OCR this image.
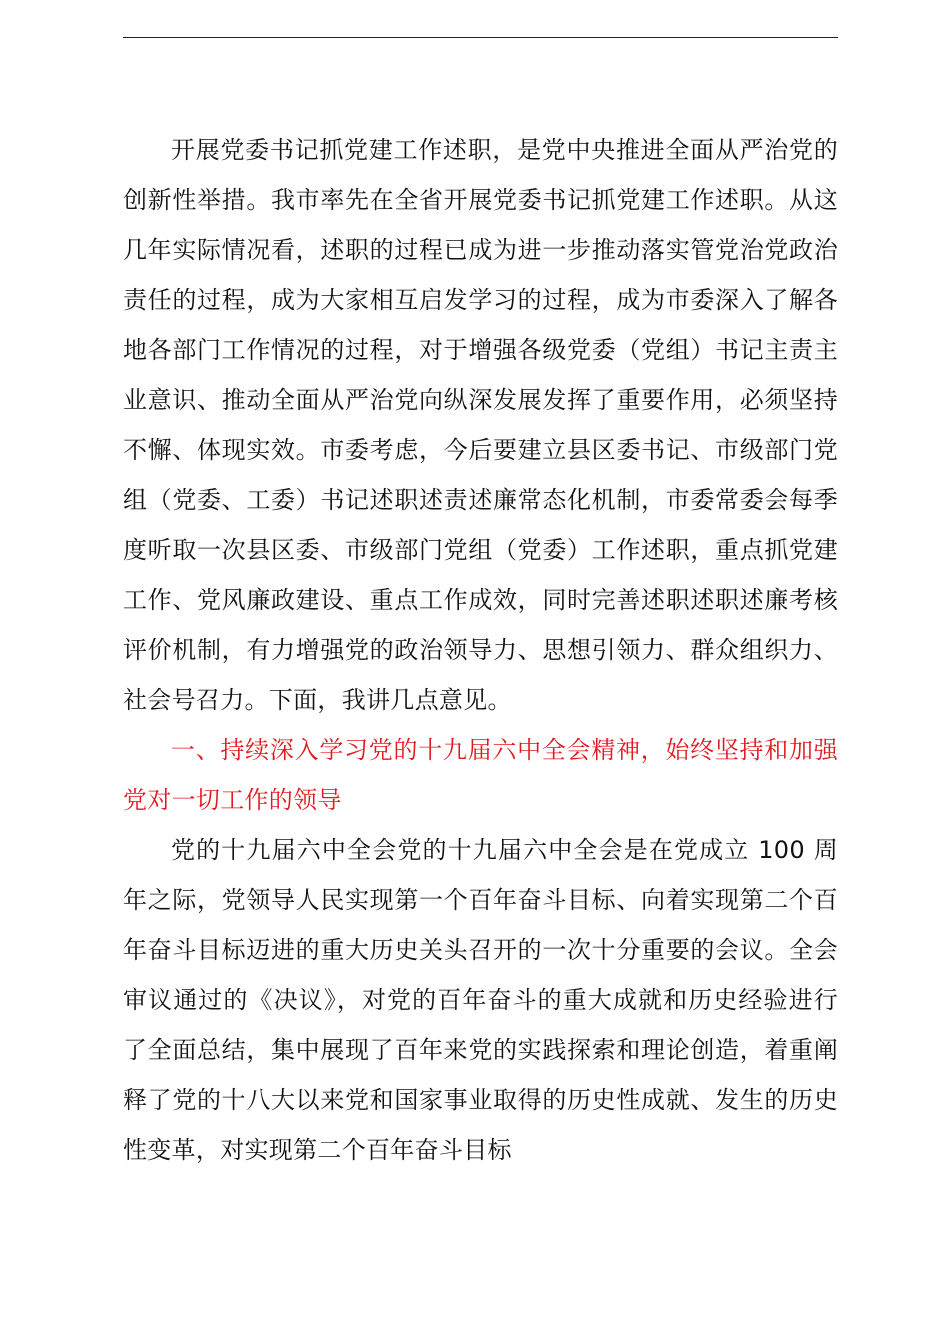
开展党委书记抓党建工作述职，是党中央推进全面从严治党的创新性举措。我市率先在全省开展党委书记抓党建工作述职。从这几年实际情况看，述职的过程已成为进一步推动落实管党治党政治责任的过程，成为大家相互启发学习的过程，成为市委深入了解各地各部门工作情况的过程，对于增强各级党委（党组）书记主责主业意识、推动全面从严治党向纵深发展发挥了重要作用，必须坚持不懈、体现实效。市委考虑，今后要建立县区委书记、市级部门党组（党委、工委）书记述职述责述廉常态化机制，市委常委会每季度听取一次县区委、市级部门党组（党委）工作述职，重点抓党建工作、党风廉政建设、重点工作成效，同时完善述职述职述廉考核评价机制，有力增强党的政治领导力、思想引领力、群众组织力、社会号召力。下面，我讲几点意见。

一、持续深入学习党的十九届六中全会精神，始终坚持和加强党对一切工作的领导

党的十九届六中全会党的十九届六中全会是在党成立 100 周年之际，党领导人民实现第一个百年奋斗目标、向着实现第二个百年奋斗目标迈进的重大历史关头召开的一次十分重要的会议。全会审议通过的《决议》，对党的百年奋斗的重大成就和历史经验进行了全面总结，集中展现了百年来党的实践探索和理论创造，着重阐释了党的十八大以来党和国家事业取得的历史性成就、发生的历史性变革，对实现第二个百年奋斗目标
